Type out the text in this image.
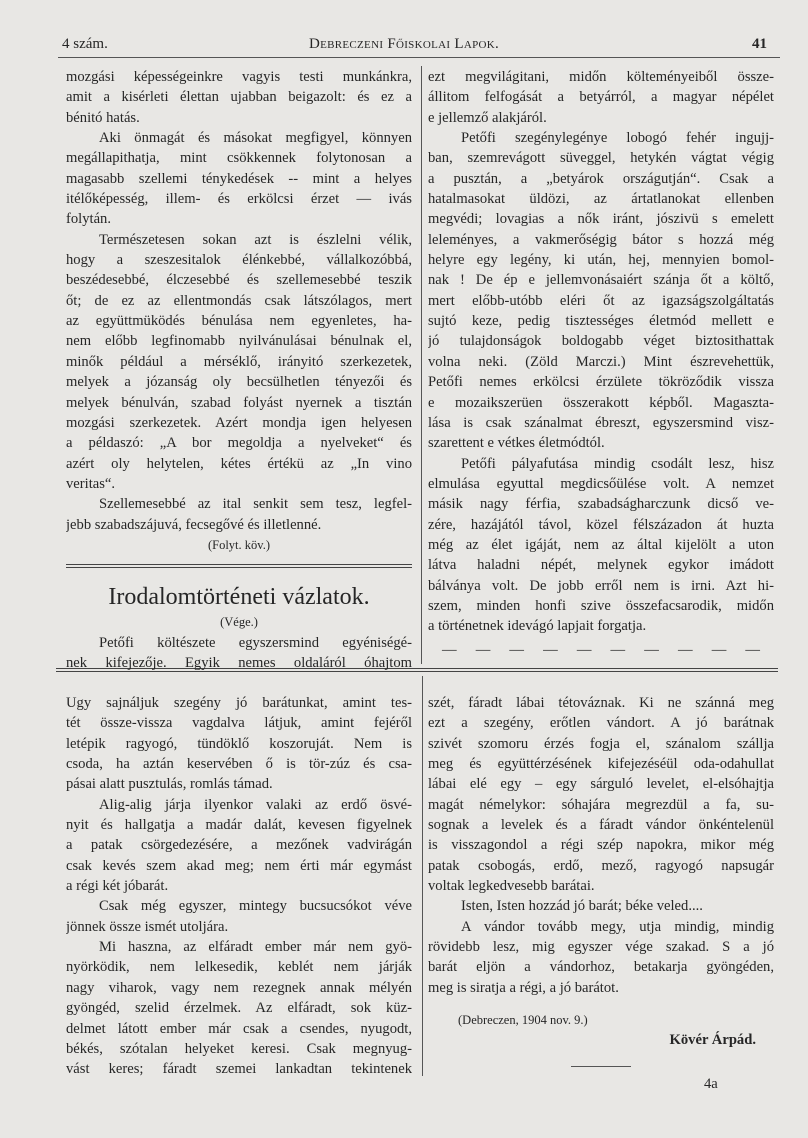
4 szám.	Debreczeni Főiskolai Lapok.	41
mozgási képességeinkre vagyis testi munkánkra,
amit a kisérleti élettan ujabban beigazolt: és ez a
bénitó hatás.
Aki önmagát és másokat megfigyel, könnyen
megállapithatja, mint csökkennek folytonosan a
magasabb szellemi ténykedések -- mint a helyes
itélőképesség, illem- és erkölcsi érzet — ivás
folytán.
Természetesen sokan azt is észlelni vélik,
hogy a szeszesitalok élénkebbé, vállalkozóbbá,
beszédesebbé, élczesebbé és szellemesebbé teszik
őt; de ez az ellentmondás csak látszólagos, mert
az együttmüködés bénulása nem egyenletes, ha-
nem előbb legfinomabb nyilvánulásai bénulnak el,
minők például a mérséklő, irányitó szerkezetek,
melyek a józanság oly becsülhetlen tényezői és
melyek bénulván, szabad folyást nyernek a tisztán
mozgási szerkezetek. Azért mondja igen helyesen
a példaszó: „A bor megoldja a nyelveket“ és
azért oly helytelen, kétes értékü az „In vino
veritas“.
Szellemesebbé az ital senkit sem tesz, legfel-
jebb szabadszájuvá, fecsegővé és illetlenné.
(Folyt. köv.)
Irodalomtörténeti vázlatok.
(Vége.)
Petőfi költészete egyszersmind egyéniségé-
nek kifejezője. Egyik nemes oldaláról óhajtom
ezt megvilágitani, midőn költeményeiből össze-
állitom felfogását a betyárról, a magyar népélet
e jellemző alakjáról.
Petőfi szegénylegénye lobogó fehér ingujj-
ban, szemrevágott süveggel, hetykén vágtat végig
a pusztán, a „betyárok országutján“. Csak a
hatalmasokat üldözi, az ártatlanokat ellenben
megvédi; lovagias a nők iránt, jószivü s emelett
leleményes, a vakmerőségig bátor s hozzá még
helyre egy legény, ki után, hej, mennyien bomol-
nak ! De ép e jellemvonásaiért szánja őt a költő,
mert előbb-utóbb eléri őt az igazságszolgáltatás
sujtó keze, pedig tisztességes életmód mellett e
jó tulajdonságok boldogabb véget biztosithattak
volna neki. (Zöld Marczi.) Mint észrevehettük,
Petőfi nemes erkölcsi érzülete tökröződik vissza
e mozaikszerüen összerakott képből. Magaszta-
lása is csak szánalmat ébreszt, egyszersmind visz-
szarettent e vétkes életmódtól.
Petőfi pályafutása mindig csodált lesz, hisz
elmulása egyuttal megdicsőülése volt. A nemzet
másik nagy férfia, szabadságharczunk dicső ve-
zére, hazájától távol, közel félszázadon át huzta
még az élet igáját, nem az által kijelölt a uton
látva haladni népét, melynek egykor imádott
bálványa volt. De jobb erről nem is irni. Azt hi-
szem, minden honfi szive összefacsarodik, midőn
a történetnek idevágó lapjait forgatja.
— — — — — — — — — —
Ugy sajnáljuk szegény jó barátunkat, amint tes-
tét össze-vissza vagdalva látjuk, amint fejéről
letépik ragyogó, tündöklő koszoruját. Nem is
csoda, ha aztán keservében ő is tör-zúz és csa-
pásai alatt pusztulás, romlás támad.
Alig-alig járja ilyenkor valaki az erdő ösvé-
nyit és hallgatja a madár dalát, kevesen figyelnek
a patak csörgedezésére, a mezőnek vadvirágán
csak kevés szem akad meg; nem érti már egymást
a régi két jóbarát.
Csak még egyszer, mintegy bucsucsókot véve
jönnek össze ismét utoljára.
Mi haszna, az elfáradt ember már nem gyö-
nyörködik, nem lelkesedik, keblét nem járják
nagy viharok, vagy nem rezegnek annak mélyén
gyöngéd, szelid érzelmek. Az elfáradt, sok küz-
delmet látott ember már csak a csendes, nyugodt,
békés, szótalan helyeket keresi. Csak megnyug-
vást keres; fáradt szemei lankadtan tekintenek
szét, fáradt lábai tétováznak. Ki ne szánná meg
ezt a szegény, erőtlen vándort. A jó barátnak
szivét szomoru érzés fogja el, szánalom szállja
meg és együttérzésének kifejezéséül oda-odahullat
lábai elé egy – egy sárguló levelet, el-elsóhajtja
magát némelykor: sóhajára megrezdül a fa, su-
sognak a levelek és a fáradt vándor önkéntelenül
is visszagondol a régi szép napokra, mikor még
patak csobogás, erdő, mező, ragyogó napsugár
voltak legkedvesebb barátai.
Isten, Isten hozzád jó barát; béke veled....
A vándor tovább megy, utja mindig, mindig
rövidebb lesz, mig egyszer vége szakad. S a jó
barát eljön a vándorhoz, betakarja gyöngéden,
meg is siratja a régi, a jó barátot.
(Debreczen, 1904 nov. 9.)
Kövér Árpád.
4a
